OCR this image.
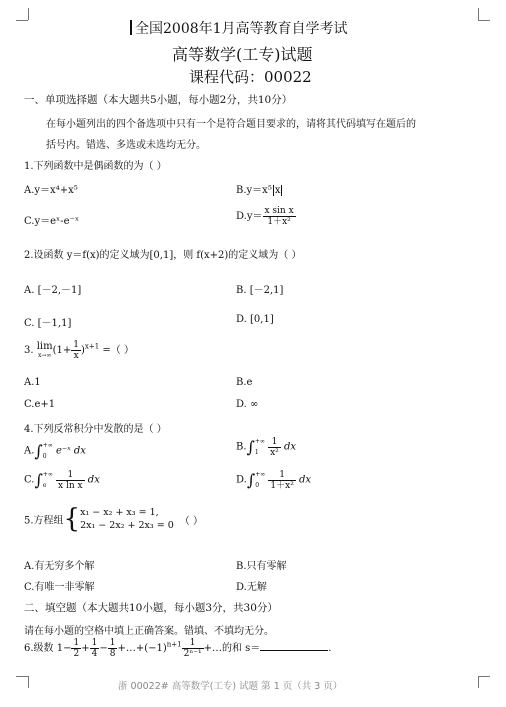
全国2008年1月高等教育自学考试
高等数学(工专)试题
课程代码：00022
一、单项选择题（本大题共5小题，每小题2分，共10分）
在每小题列出的四个备选项中只有一个是符合题目要求的，请将其代码填写在题后的
括号内。错选、多选或未选均无分。
1.下列函数中是偶函数的为（ ）
A.y＝x⁴+x⁵	B.y＝x⁵ x
C.y＝eˣ-e⁻ˣ	$D.y= \frac{\text{x sin x}}{\text{1＋x²}}$
2.设函数 y＝f(x)的定义域为[0,1]，则 f(x+2)的定义域为（ ）
A. [－2,－1]	B. [－2,1]
C. [－1,1]	D. [0,1]
3. lim
x→∞ $(1+ \frac{1}{x} )^{x+1}$ =（ ）
A.1	B.e
C.e+1	D. ∞
4.下列反常积分中发散的是（ ）
A.∫ +∞
0 e⁻ˣ dx	B.∫ +∞
1
	$\frac{1}{\text{x²}}$ dx
C.∫ +∞
e
	$\frac{1}{\text{x ln x}}$ dx	D.∫ +∞
0
	$\frac{1}{\text{1＋x²}}$ dx
5.方程组{ x₁ − x₂ + x₃ = 1,
2x₁ − 2x₂ + 2x₃ = 0 （ ）
A.有无穷多个解	B.只有零解
C.有唯一非零解	D.无解
二、填空题（本大题共10小题，每小题3分，共30分）
请在每小题的空格中填上正确答案。错填、不填均无分。
6.级数 $1- \frac{1}{2} + \frac{1}{4} - \frac{1}{8}$ $+\dots+(-1)^{n+1} \frac{1}{\text{2ⁿ⁻¹}}$ +…的和 s＝	.
浙 00022# 高等数学(工专) 试题 第 1 页（共 3 页）
